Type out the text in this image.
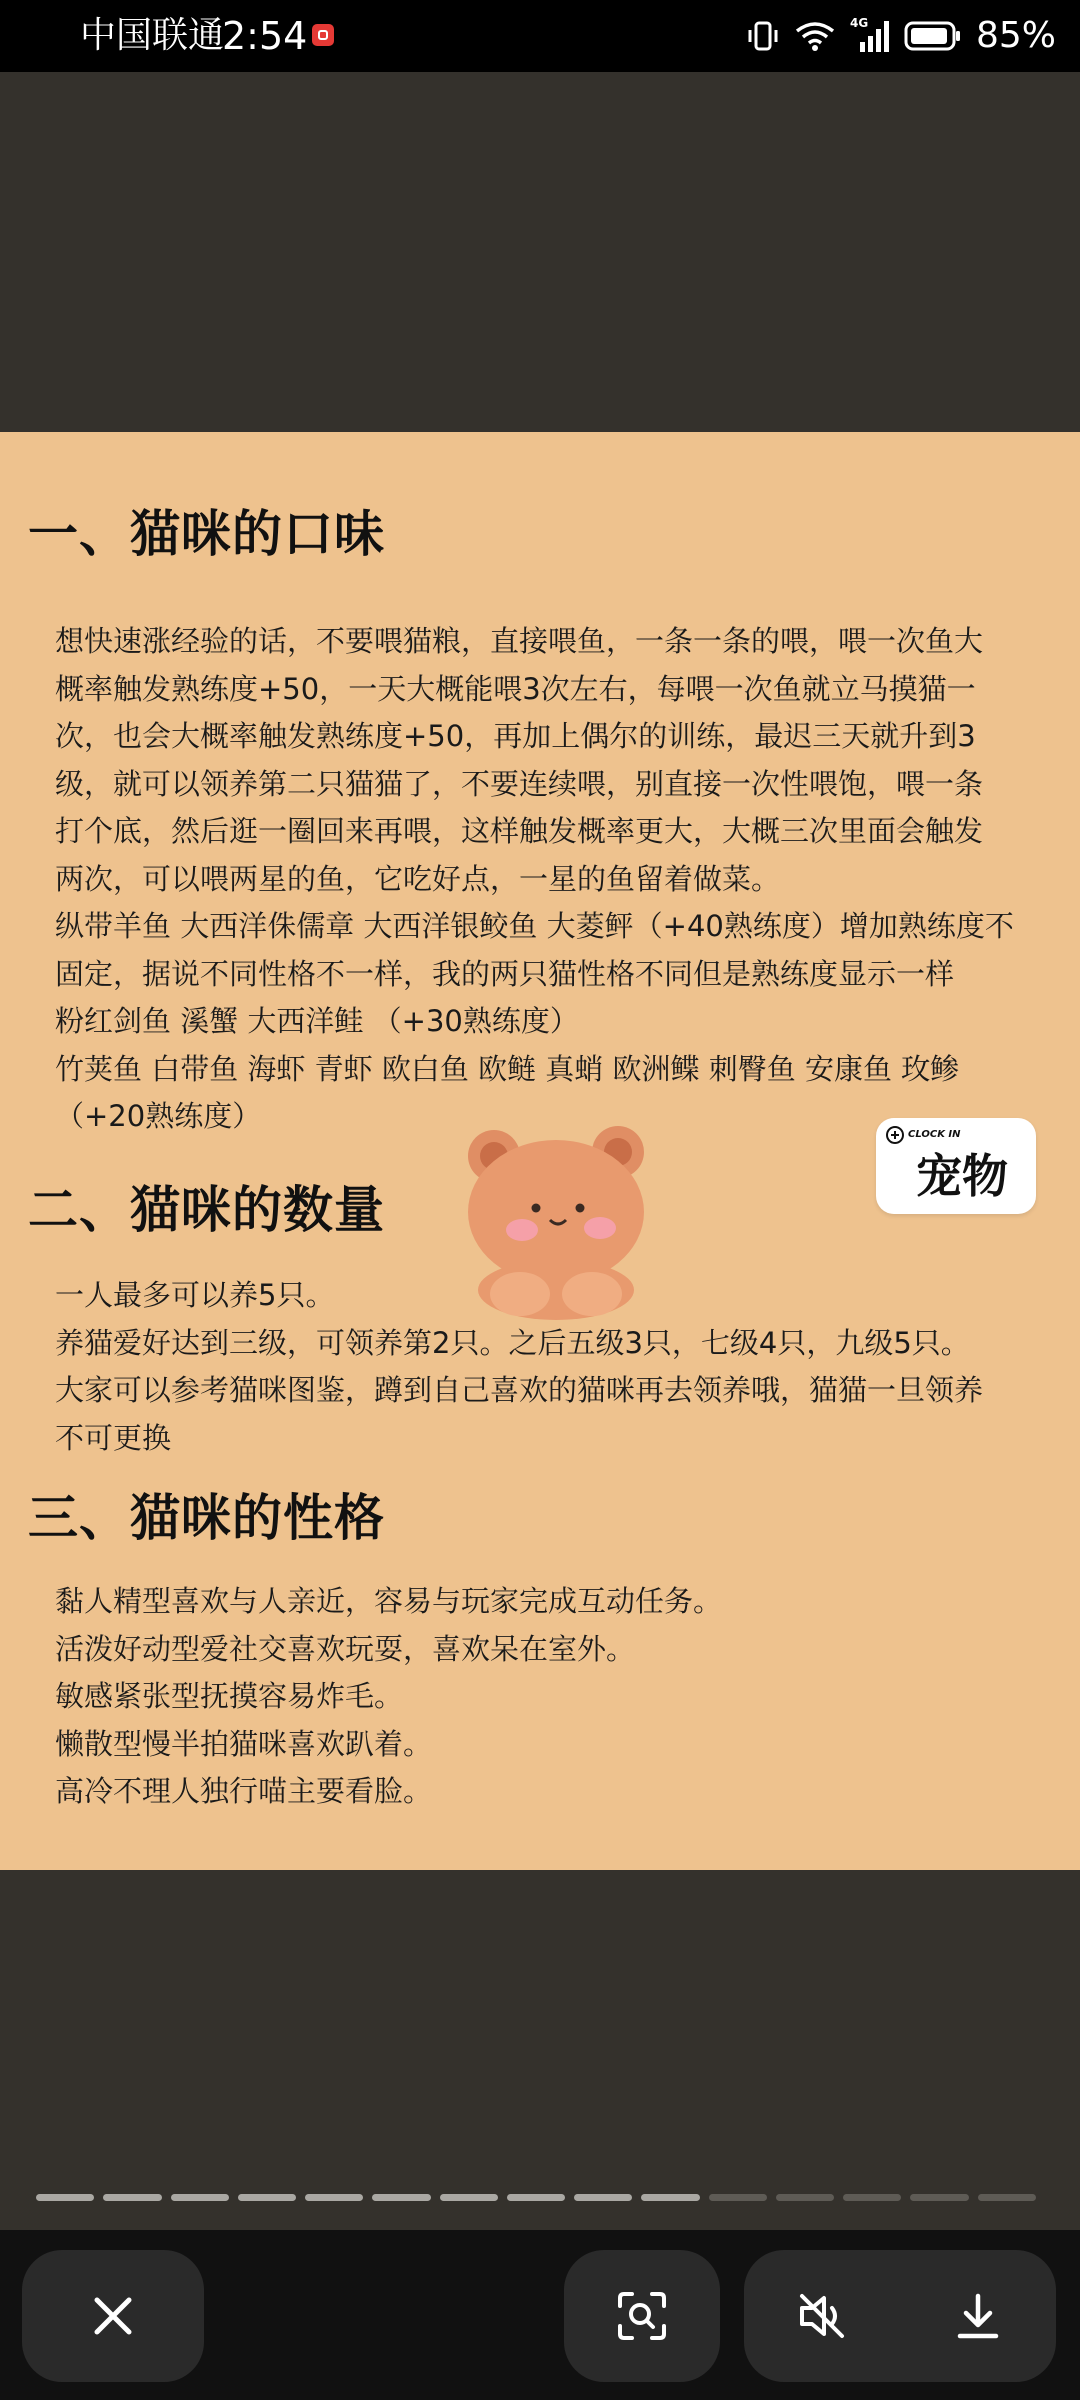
中国联通
2:54	4G	85%
一、猫咪的口味
想快速涨经验的话，不要喂猫粮，直接喂鱼，一条一条的喂，喂一次鱼大
概率触发熟练度+50，一天大概能喂3次左右，每喂一次鱼就立马摸猫一
次，也会大概率触发熟练度+50，再加上偶尔的训练，最迟三天就升到3
级，就可以领养第二只猫猫了，不要连续喂，别直接一次性喂饱，喂一条
打个底，然后逛一圈回来再喂，这样触发概率更大，大概三次里面会触发
两次，可以喂两星的鱼，它吃好点，一星的鱼留着做菜。
纵带羊鱼 大西洋侏儒章 大西洋银鲛鱼 大菱鲆（+40熟练度）增加熟练度不
固定，据说不同性格不一样，我的两只猫性格不同但是熟练度显示一样
粉红剑鱼 溪蟹 大西洋鲑 （+30熟练度）
竹荚鱼 白带鱼 海虾 青虾 欧白鱼 欧鲢 真蛸 欧洲鲽 刺臀鱼 安康鱼 玫鲹
（+20熟练度）
二、猫咪的数量
一人最多可以养5只。
养猫爱好达到三级，可领养第2只。之后五级3只，七级4只，九级5只。
大家可以参考猫咪图鉴，蹲到自己喜欢的猫咪再去领养哦，猫猫一旦领养
不可更换
三、猫咪的性格
黏人精型喜欢与人亲近，容易与玩家完成互动任务。
活泼好动型爱社交喜欢玩耍，喜欢呆在室外。
敏感紧张型抚摸容易炸毛。
懒散型慢半拍猫咪喜欢趴着。
高冷不理人独行喵主要看脸。
CLOCK IN
宠物
